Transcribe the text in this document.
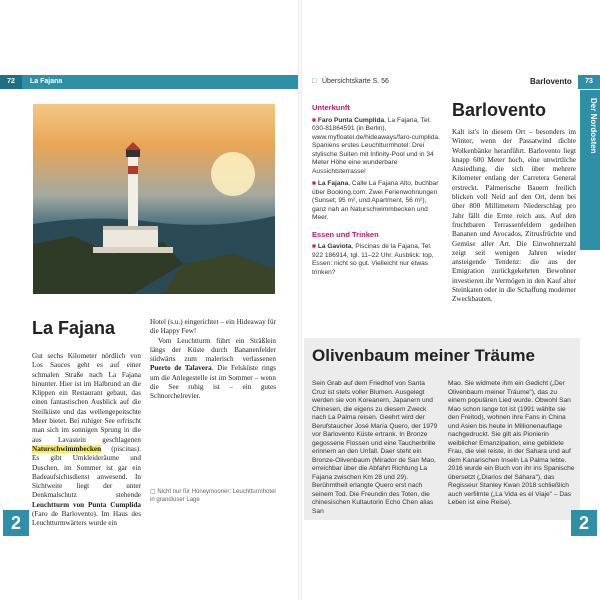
72	La Fajana
La Fajana
Gut sechs Kilometer nördlich von Los Sauces geht es auf einer schmalen Straße nach La Fajana hinunter. Hier ist im Halbrund an die Klippen ein Restaurant gebaut, das einen fantastischen Ausblick auf die Steilküste und das wellengepeitschte Meer bietet. Bei ruhiger See erfrischt man sich im sonnigen Sprung in die aus Lavastein geschlagenen Naturschwimmbecken (piscinas). Es gibt Umkleideräume und Duschen, im Sommer ist gar ein Badeaufsichtsdienst anwesend. In Sichtweite liegt der unter Denkmalschutz stehende Leuchtturm von Punta Cumplida (Faro de Barlovento). Im Haus des Leuchtturmwärters wurde ein
Hotel (s.u.) eingerichtet – ein Hideaway für die Happy Few!
Vom Leuchtturm führt ein Sträßlein längs der Küste durch Bananenfelder südwärts zum malerisch verlassenen Puerto de Talavera. Die Felsküste rings um die Anlegestelle ist im Sommer – wenn die See ruhig ist – ein gutes Schnorchelrevier.
▢ Nicht nur für Honeymooner: Leuchtturmhotel in grandioser Lage
2
□ Übersichtskarte S. 56	Barlovento	73
Der Nordosten
Unterkunft
■ Faro Punta Cumplida, La Fajana, Tel. 030-81864591 (in Berlin), www.myfloatel.de/hideaways/faro-cumplida. Spaniens erstes Leuchtturmhotel: Drei stylische Suiten mit Infinity-Pool und in 34 Meter Höhe eine wunderbare Aussichtsterrasse!
■ La Fajana, Calle La Fajana Alto, buchbar über Booking.com. Zwei Ferienwohnungen (Sunset; 95 m², und Apartment, 56 m²), ganz nah an Naturschwimmbecken und Meer.
Essen und Trinken
■ La Gaviota, Piscinas de la Fajana, Tel. 922 186914, tgl. 11–22 Uhr. Ausblick: top, Essen: nicht so gut. Vielleicht nur etwas trinken?
Barlovento
Kalt ist's in diesem Ort – besonders im Winter, wenn der Passatwind dichte Wolkenbänke heranführt. Barlovento liegt knapp 600 Meter hoch, eine unwirtliche Ansiedlung, die sich über mehrere Kilometer entlang der Carretera General erstreckt. Palmerische Bauern freilich blicken voll Neid auf den Ort, denn bei über 800 Millimetern Niederschlag pro Jahr fällt die Ernte reich aus. Auf den fruchtbaren Terrassenfeldern gedeihen Bananen und Avocados, Zitrusfrüchte und Gemüse aller Art. Die Einwohnerzahl zeigt seit wenigen Jahren wieder ansteigende Tendenz: die aus der Emigration zurückgekehrten Bewohner investieren ihr Vermögen in den Kauf alter Steinkaten oder in die Schaffung moderner Zweckbauten.
Olivenbaum meiner Träume
Sein Grab auf dem Friedhof von Santa Cruz ist stets voller Blumen. Ausgelegt werden sie von Koreanern, Japanern und Chinesen, die eigens zu diesem Zweck nach La Palma reisen. Geehrt wird der Berufstaucher José María Quero, der 1979 vor Barlovento Küste ertrank. In Bronze gegossene Flossen und eine Taucherbrille erinnern an den Unfall. Daer steht ein Bronze-Olivenbaum (Mirador de San Mao, erreichbar über die Abfahrt Richtung La Fajana zwischen Km 28 und 29).
Berühmtheit erlangte Quero erst nach seinem Tod. Die Freundin des Toten, die chinesischen Kultautorin Echo Chen alias San
Mao. Sie widmete ihm ein Gedicht („Der Olivenbaum meiner Träume"), das zu einem populären Lied wurde. Obwohl San Mao schon lange tot ist (1991 wählte sie den Freitod), wohnen ihre Fans in China und Asien bis heute in Millionenauflage nachgedruckt. Sie gilt als Pionierin weiblicher Emanzipation, eine gebildete Frau, die viel reiste, in der Sahara und auf dem Kanarischen Inseln La Palma lebte. 2016 wurde ein Buch von ihr ins Spanische übersetzt („Diarios del Sáhara"), das Regisseur Stanley Kwan 2018 schließlich auch verfilmte („La Vida es el Viaje" – Das Leben ist eine Reise).
2
